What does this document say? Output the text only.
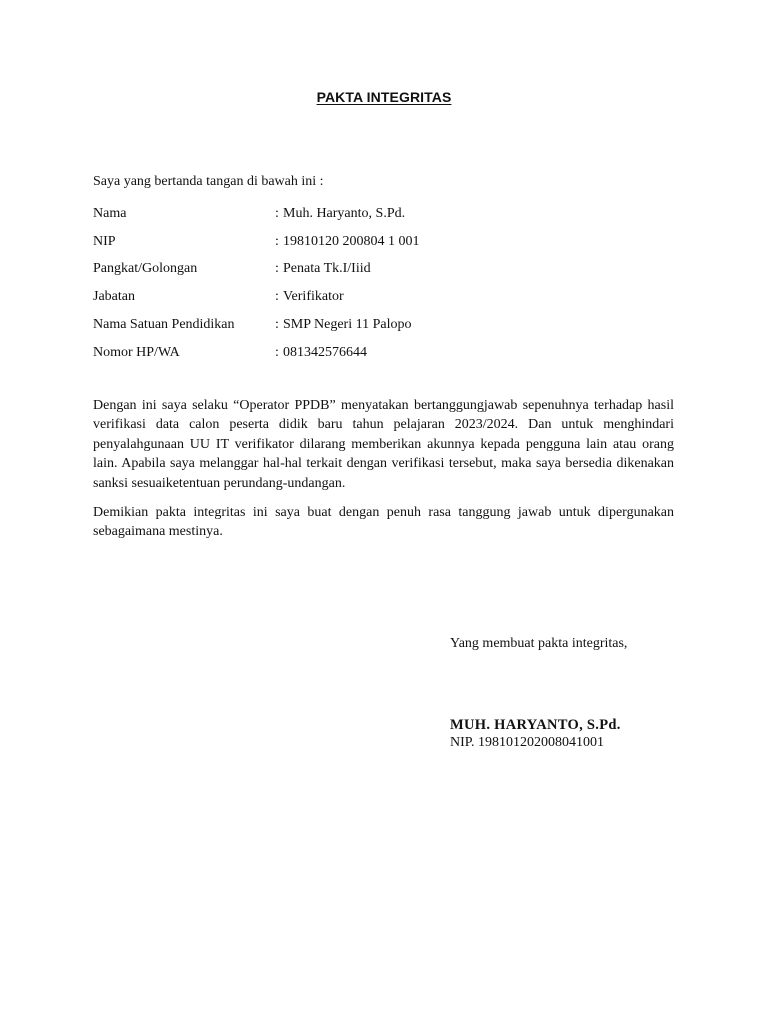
PAKTA INTEGRITAS
Saya yang bertanda tangan di bawah ini :
Nama	: Muh. Haryanto, S.Pd.
NIP	: 19810120 200804 1 001
Pangkat/Golongan	: Penata Tk.I/Iiid
Jabatan	: Verifikator
Nama Satuan Pendidikan	: SMP Negeri 11 Palopo
Nomor HP/WA	: 081342576644

Dengan ini saya selaku “Operator PPDB” menyatakan bertanggungjawab sepenuhnya terhadap hasil verifikasi data calon peserta didik baru tahun pelajaran 2023/2024. Dan untuk menghindari penyalahgunaan UU IT verifikator dilarang memberikan akunnya kepada pengguna lain atau orang lain. Apabila saya melanggar hal-hal terkait dengan verifikasi tersebut, maka saya bersedia dikenakan sanksi sesuaiketentuan perundang-undangan.

Demikian pakta integritas ini saya buat dengan penuh rasa tanggung jawab untuk dipergunakan sebagaimana mestinya.

Yang membuat pakta integritas,
MUH. HARYANTO, S.Pd.
NIP. 198101202008041001
